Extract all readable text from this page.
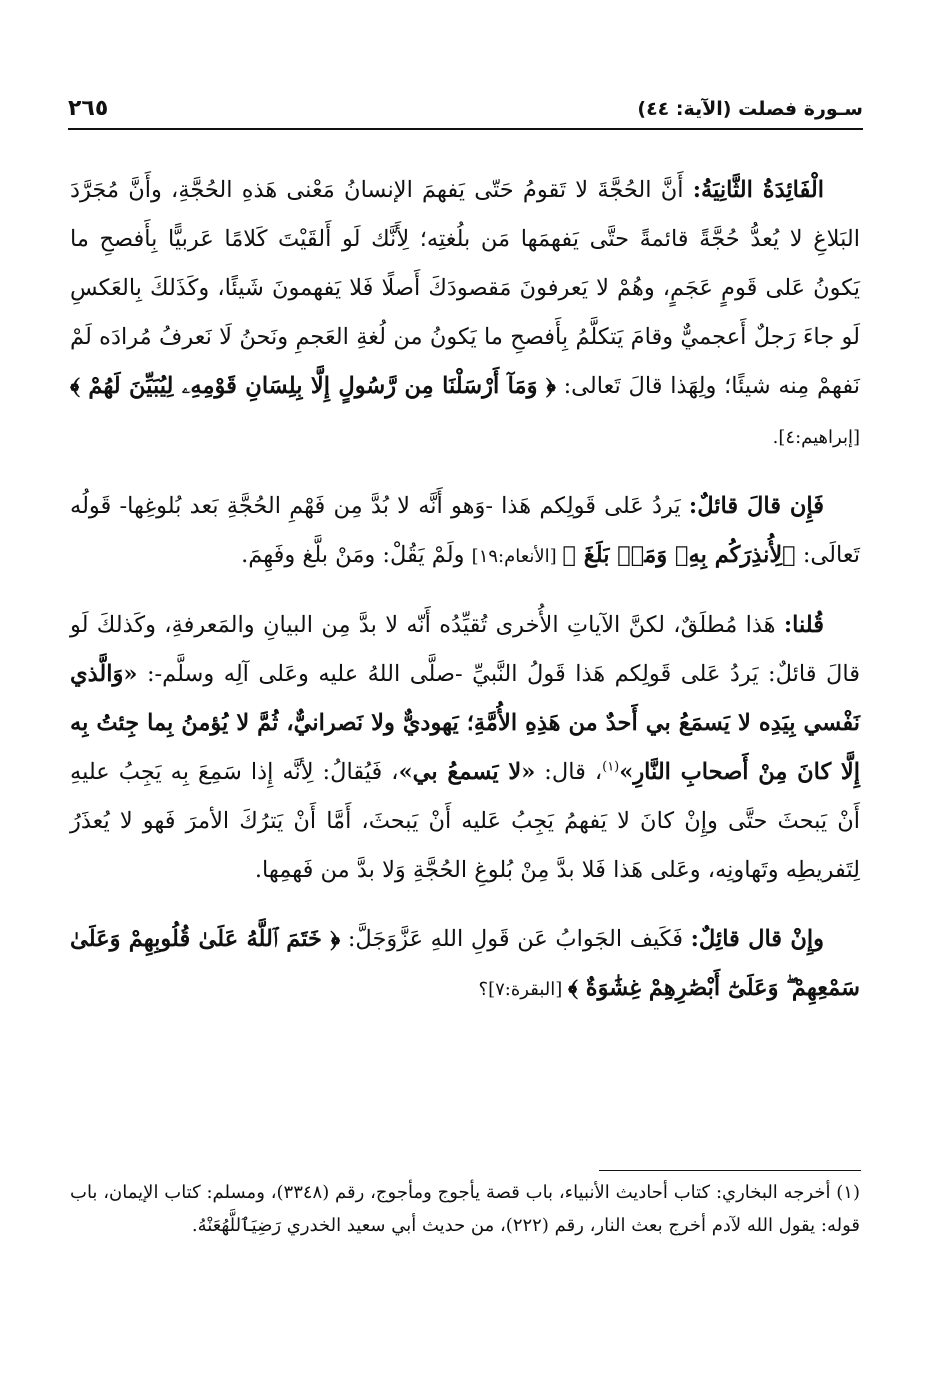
سـورة فصلت (الآية: ٤٤)
٢٦٥

الْفَائِدَةُ الثَّانِيَةُ: أَنَّ الحُجَّةَ لا تَقومُ حَتّى يَفهمَ الإنسانُ مَعْنى هَذهِ الحُجَّةِ، وأَنَّ مُجَرَّدَ البَلاغِ لا يُعدُّ حُجَّةً قائمةً حتَّى يَفهمَها مَن بلُغتِه؛ لِأَنَّك لَو أَلقَيْتَ كَلامًا عَربيًّا بِأَفصحِ ما يَكونُ عَلى قَومٍ عَجَمٍ، وهُمْ لا يَعرفونَ مَقصودَكَ أَصلًا فَلا يَفهمونَ شَيئًا، وكَذَلكَ بِالعَكسِ لَو جاءَ رَجلٌ أَعجميٌّ وقامَ يَتكلَّمُ بِأَفصحِ ما يَكونُ من لُغةِ العَجمِ ونَحنُ لَا نَعرفُ مُرادَه لَمْ نَفهمْ مِنه شيئًا؛ ولِهَذا قالَ تَعالى: ﴿ وَمَآ أَرْسَلْنَا مِن رَّسُولٍ إِلَّا بِلِسَانِ قَوْمِهِۦ لِيُبَيِّنَ لَهُمْ ﴾ [إبراهيم:٤].

فَإِن قالَ قائلٌ: يَردُ عَلى قَولِكم هَذا -وَهو أَنَّه لا بُدَّ مِن فَهْمِ الحُجَّةِ بَعد بُلوغِها- قَولُه تَعالَى: ﴿لِأُنذِرَكُم بِهِۦ وَمَنۢ بَلَغَ ﴾ [الأنعام:١٩] ولَمْ يَقُلْ: ومَنْ بلَّغ وفَهِمَ.

قُلنا: هَذا مُطلَقٌ، لكنَّ الآياتِ الأُخرى تُقيِّدُه أَنّه لا بدَّ مِن البيانِ والمَعرفةِ، وكَذلكَ لَو قالَ قائلٌ: يَردُ عَلى قَولِكم هَذا قَولُ النَّبيِّ -صلَّى اللهُ عليه وعَلى آلِه وسلَّم-: «وَالَّذي نَفْسي بِيَدِه لا يَسمَعُ بي أَحدٌ من هَذِهِ الأُمَّةِ؛ يَهوديٌّ ولا نَصرانيٌّ، ثُمَّ لا يُؤمنُ بِما جِئتُ بِه إِلَّا كانَ مِنْ أَصحابِ النَّارِ»$^{(١)}$، قال: «لا يَسمعُ بي»، فَيُقالُ: لِأنَّه إِذا سَمِعَ بِه يَجِبُ عليهِ أَنْ يَبحثَ حتَّى وإِنْ كانَ لا يَفهمُ يَجِبُ عَليه أَنْ يَبحثَ، أَمَّا أَنْ يَترُكَ الأمرَ فَهو لا يُعذَرُ لِتَفريطِه وتَهاونِه، وعَلى هَذا فَلا بدَّ مِنْ بُلوغِ الحُجَّةِ وَلا بدَّ من فَهمِها.

وإِنْ قال قائِلٌ: فَكَيف الجَوابُ عَن قَولِ اللهِ عَزَّوَجَلَّ: ﴿ خَتَمَ ٱللَّهُ عَلَىٰ قُلُوبِهِمْ وَعَلَىٰ سَمْعِهِمْ ۖ وَعَلَىٰٓ أَبْصَٰرِهِمْ غِشَٰوَةٌ ﴾ [البقرة:٧]؟

(١) أخرجه البخاري: كتاب أحاديث الأنبياء، باب قصة يأجوج ومأجوج، رقم (٣٣٤٨)، ومسلم: كتاب الإيمان، باب قوله: يقول الله لآدم أخرج بعث النار، رقم (٢٢٢)، من حديث أبي سعيد الخدري رَضِيَٱللَّهُعَنْهُ.
